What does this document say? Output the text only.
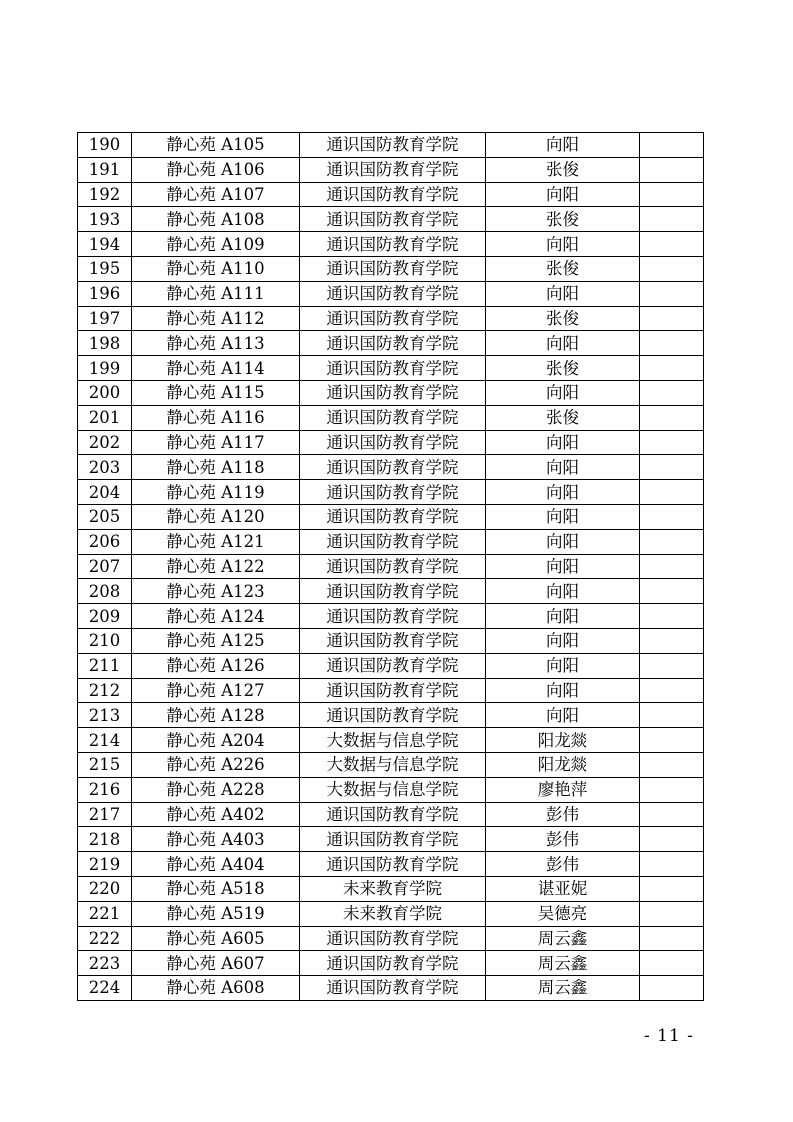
190	静心苑 A105	通识国防教育学院	向阳	
191	静心苑 A106	通识国防教育学院	张俊	
192	静心苑 A107	通识国防教育学院	向阳	
193	静心苑 A108	通识国防教育学院	张俊	
194	静心苑 A109	通识国防教育学院	向阳	
195	静心苑 A110	通识国防教育学院	张俊	
196	静心苑 A111	通识国防教育学院	向阳	
197	静心苑 A112	通识国防教育学院	张俊	
198	静心苑 A113	通识国防教育学院	向阳	
199	静心苑 A114	通识国防教育学院	张俊	
200	静心苑 A115	通识国防教育学院	向阳	
201	静心苑 A116	通识国防教育学院	张俊	
202	静心苑 A117	通识国防教育学院	向阳	
203	静心苑 A118	通识国防教育学院	向阳	
204	静心苑 A119	通识国防教育学院	向阳	
205	静心苑 A120	通识国防教育学院	向阳	
206	静心苑 A121	通识国防教育学院	向阳	
207	静心苑 A122	通识国防教育学院	向阳	
208	静心苑 A123	通识国防教育学院	向阳	
209	静心苑 A124	通识国防教育学院	向阳	
210	静心苑 A125	通识国防教育学院	向阳	
211	静心苑 A126	通识国防教育学院	向阳	
212	静心苑 A127	通识国防教育学院	向阳	
213	静心苑 A128	通识国防教育学院	向阳	
214	静心苑 A204	大数据与信息学院	阳龙燚	
215	静心苑 A226	大数据与信息学院	阳龙燚	
216	静心苑 A228	大数据与信息学院	廖艳萍	
217	静心苑 A402	通识国防教育学院	彭伟	
218	静心苑 A403	通识国防教育学院	彭伟	
219	静心苑 A404	通识国防教育学院	彭伟	
220	静心苑 A518	未来教育学院	谌亚妮	
221	静心苑 A519	未来教育学院	吴德亮	
222	静心苑 A605	通识国防教育学院	周云鑫	
223	静心苑 A607	通识国防教育学院	周云鑫	
224	静心苑 A608	通识国防教育学院	周云鑫	
- 11 -
